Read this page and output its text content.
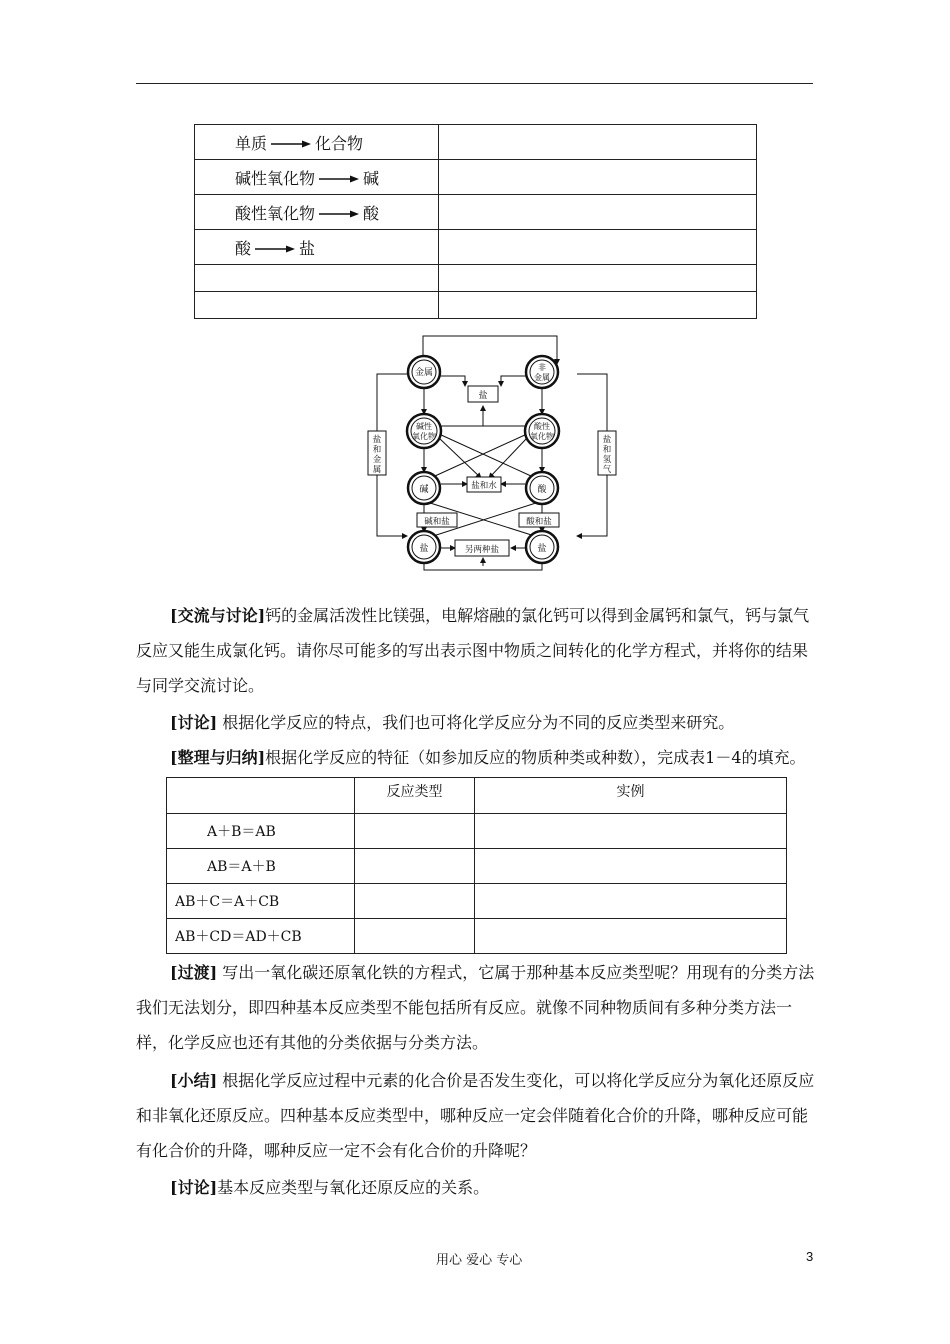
单质 化合物	
碱性氧化物 碱	
酸性氧化物 酸	
酸 盐	

金属
非
金属
碱性
氧化物
酸性
氧化物
碱	酸
盐	盐
盐
盐和水
碱和盐	酸和盐
另两种盐
盐
和
金
属
盐
和
氢
气

[交流与讨论]钙的金属活泼性比镁强，电解熔融的氯化钙可以得到金属钙和氯气，钙与氯气反应又能生成氯化钙。请你尽可能多的写出表示图中物质之间转化的化学方程式，并将你的结果与同学交流讨论。

[讨论] 根据化学反应的特点，我们也可将化学反应分为不同的反应类型来研究。

[整理与归纳]根据化学反应的特征（如参加反应的物质种类或种数），完成表1－4的填充。

	反应类型	实例
A＋B＝AB		
AB＝A＋B		
AB＋C＝A＋CB		
AB＋CD＝AD＋CB		

[过渡] 写出一氧化碳还原氧化铁的方程式，它属于那种基本反应类型呢？用现有的分类方法我们无法划分，即四种基本反应类型不能包括所有反应。就像不同种物质间有多种分类方法一样，化学反应也还有其他的分类依据与分类方法。

[小结] 根据化学反应过程中元素的化合价是否发生变化，可以将化学反应分为氧化还原反应和非氧化还原反应。四种基本反应类型中，哪种反应一定会伴随着化合价的升降，哪种反应可能有化合价的升降，哪种反应一定不会有化合价的升降呢？

[讨论]基本反应类型与氧化还原反应的关系。

用心 爱心 专心	3
